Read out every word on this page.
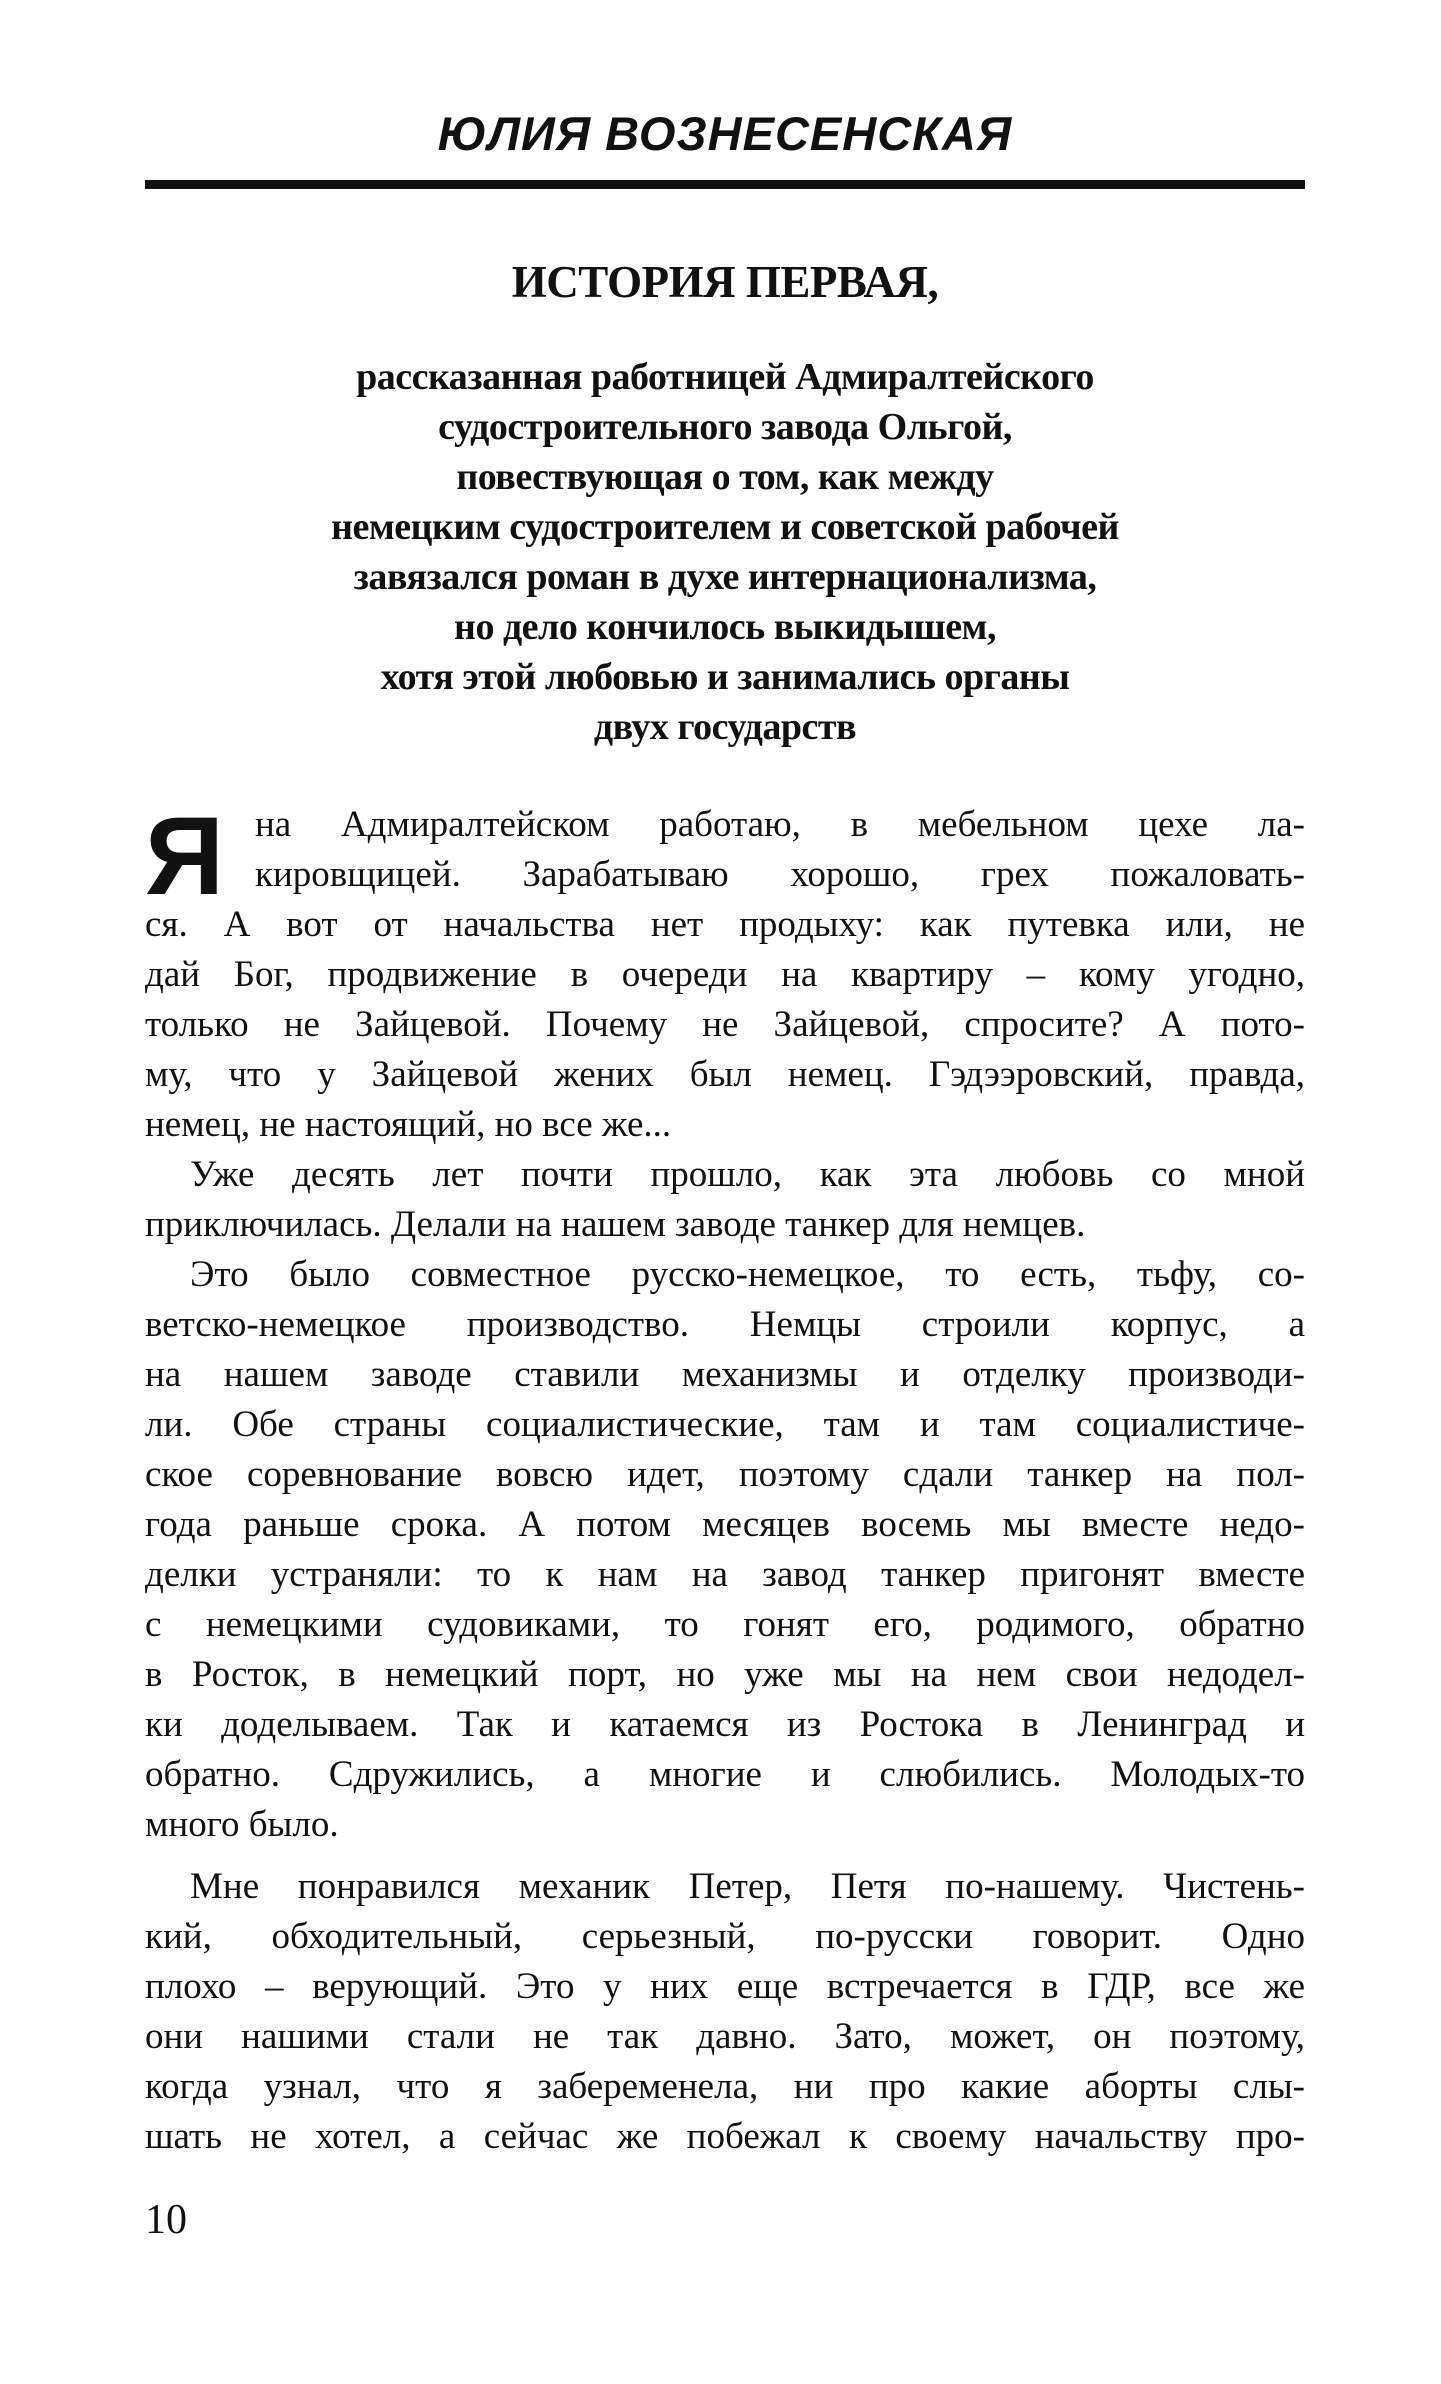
ЮЛИЯ ВОЗНЕСЕНСКАЯ
ИСТОРИЯ ПЕРВАЯ,
рассказанная работницей Адмиралтейского
судостроительного завода Ольгой,
повествующая о том, как между
немецким судостроителем и советской рабочей
завязался роман в духе интернационализма,
но дело кончилось выкидышем,
хотя этой любовью и занимались органы
двух государств
Я на Адмиралтейском работаю, в мебельном цехе ла-
кировщицей. Зарабатываю хорошо, грех пожаловать-
ся. А вот от начальства нет продыху: как путевка или, не
дай Бог, продвижение в очереди на квартиру – кому угодно,
только не Зайцевой. Почему не Зайцевой, спросите? А пото-
му, что у Зайцевой жених был немец. Гэдээровский, правда,
немец, не настоящий, но все же...
Уже десять лет почти прошло, как эта любовь со мной
приключилась. Делали на нашем заводе танкер для немцев.
Это было совместное русско-немецкое, то есть, тьфу, со-
ветско-немецкое производство. Немцы строили корпус, а
на нашем заводе ставили механизмы и отделку производи-
ли. Обе страны социалистические, там и там социалистиче-
ское соревнование вовсю идет, поэтому сдали танкер на пол-
года раньше срока. А потом месяцев восемь мы вместе недо-
делки устраняли: то к нам на завод танкер пригонят вместе
с немецкими судовиками, то гонят его, родимого, обратно
в Росток, в немецкий порт, но уже мы на нем свои недодел-
ки доделываем. Так и катаемся из Ростока в Ленинград и
обратно. Сдружились, а многие и слюбились. Молодых-то
много было.
Мне понравился механик Петер, Петя по-нашему. Чистень-
кий, обходительный, серьезный, по-русски говорит. Одно
плохо – верующий. Это у них еще встречается в ГДР, все же
они нашими стали не так давно. Зато, может, он поэтому,
когда узнал, что я забеременела, ни про какие аборты слы-
шать не хотел, а сейчас же побежал к своему начальству про-
10
